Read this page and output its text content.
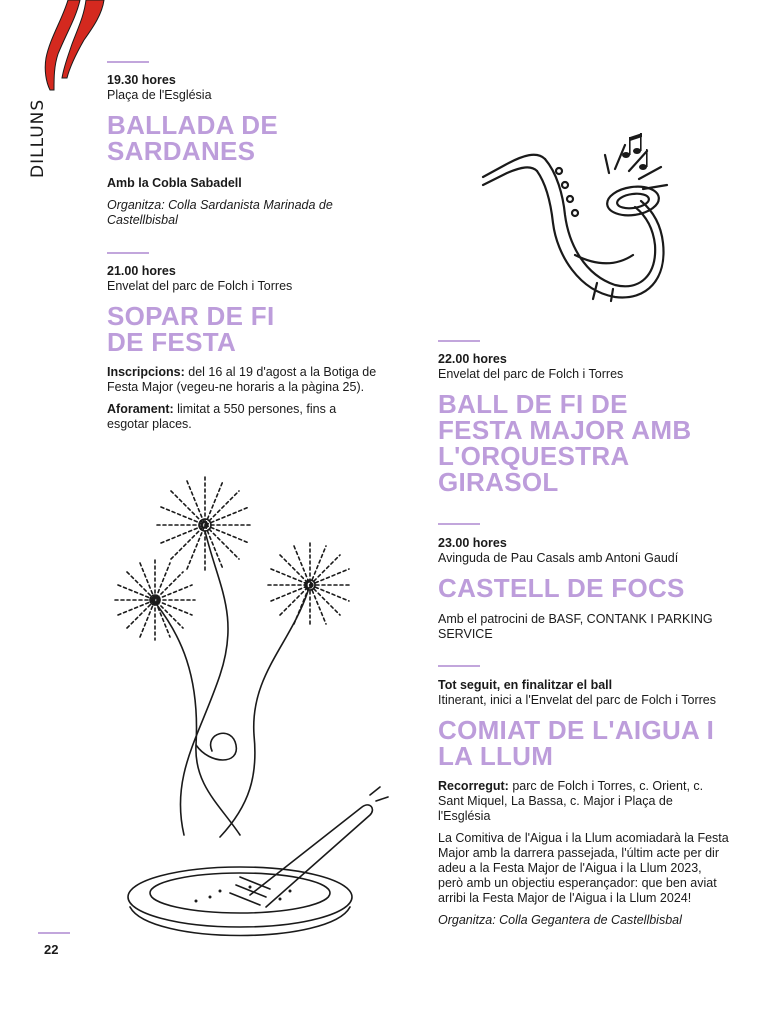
DILLUNS
19.30 hores
Plaça de l'Església
BALLADA DE
SARDANES
Amb la Cobla Sabadell
Organitza: Colla Sardanista Marinada de Castellbisbal
21.00 hores
Envelat del parc de Folch i Torres
SOPAR DE FI
DE FESTA
Inscripcions: del 16 al 19 d'agost a la Botiga de Festa Major (vegeu-ne horaris a la pàgina 25).
Aforament: limitat a 550 persones, fins a esgotar places.
22.00 hores
Envelat del parc de Folch i Torres
BALL DE FI DE
FESTA MAJOR AMB
L'ORQUESTRA
GIRASOL
23.00 hores
Avinguda de Pau Casals amb Antoni Gaudí
CASTELL DE FOCS
Amb el patrocini de BASF, CONTANK I PARKING SERVICE
Tot seguit, en finalitzar el ball
Itinerant, inici a l'Envelat del parc de Folch i Torres
COMIAT DE L'AIGUA I
LA LLUM
Recorregut: parc de Folch i Torres, c. Orient, c. Sant Miquel, La Bassa, c. Major i Plaça de l'Església
La Comitiva de l'Aigua i la Llum acomiadarà la Festa Major amb la darrera passejada, l'últim acte per dir adeu a la Festa Major de l'Aigua i la Llum 2023, però amb un objectiu esperançador: que ben aviat arribi la Festa Major de l'Aigua i la Llum 2024!
Organitza: Colla Gegantera de Castellbisbal
22
